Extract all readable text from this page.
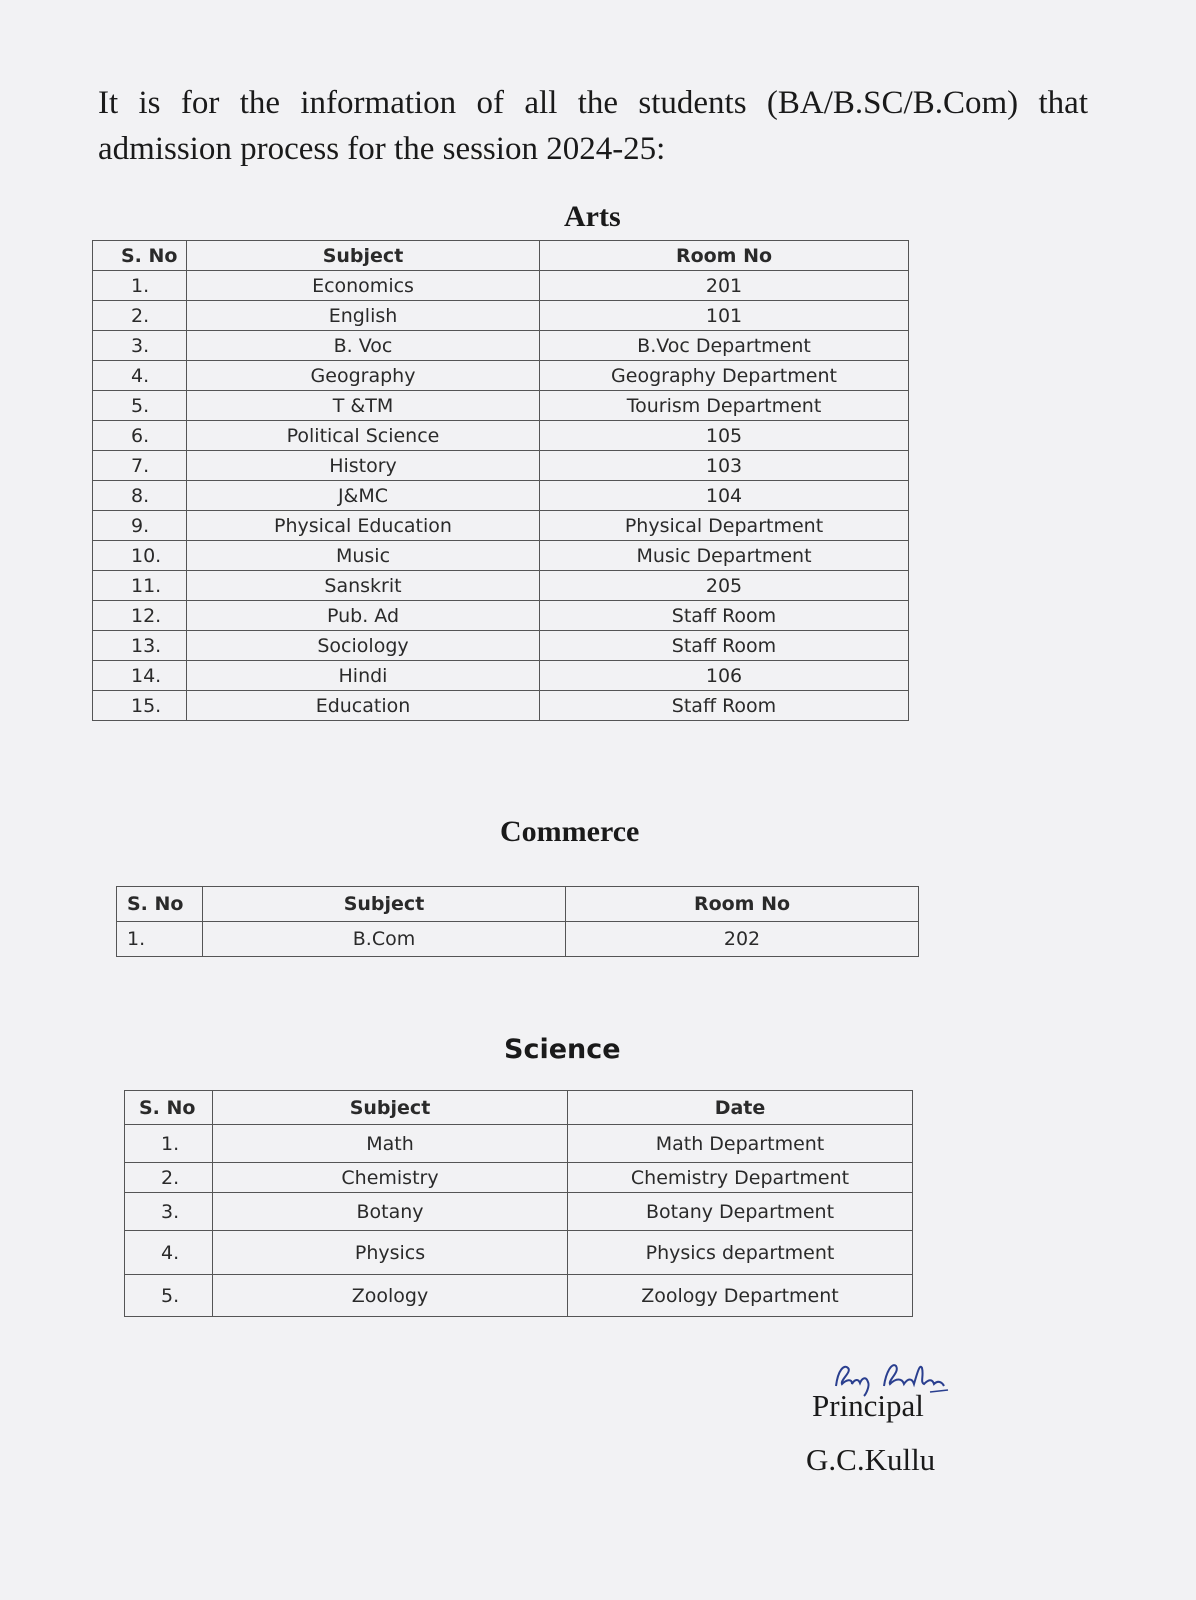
It is for the information of all the students (BA/B.SC/B.Com) that
admission process for the session 2024-25:
Arts
S. No	Subject	Room No
1.	Economics	201
2.	English	101
3.	B. Voc	B.Voc Department
4.	Geography	Geography Department
5.	T &TM	Tourism Department
6.	Political Science	105
7.	History	103
8.	J&MC	104
9.	Physical Education	Physical Department
10.	Music	Music Department
11.	Sanskrit	205
12.	Pub. Ad	Staff Room
13.	Sociology	Staff Room
14.	Hindi	106
15.	Education	Staff Room
Commerce
S. No	Subject	Room No
1.	B.Com	202
Science
S. No	Subject	Date
1.	Math	Math Department
2.	Chemistry	Chemistry Department
3.	Botany	Botany Department
4.	Physics	Physics department
5.	Zoology	Zoology Department
Principal
G.C.Kullu
